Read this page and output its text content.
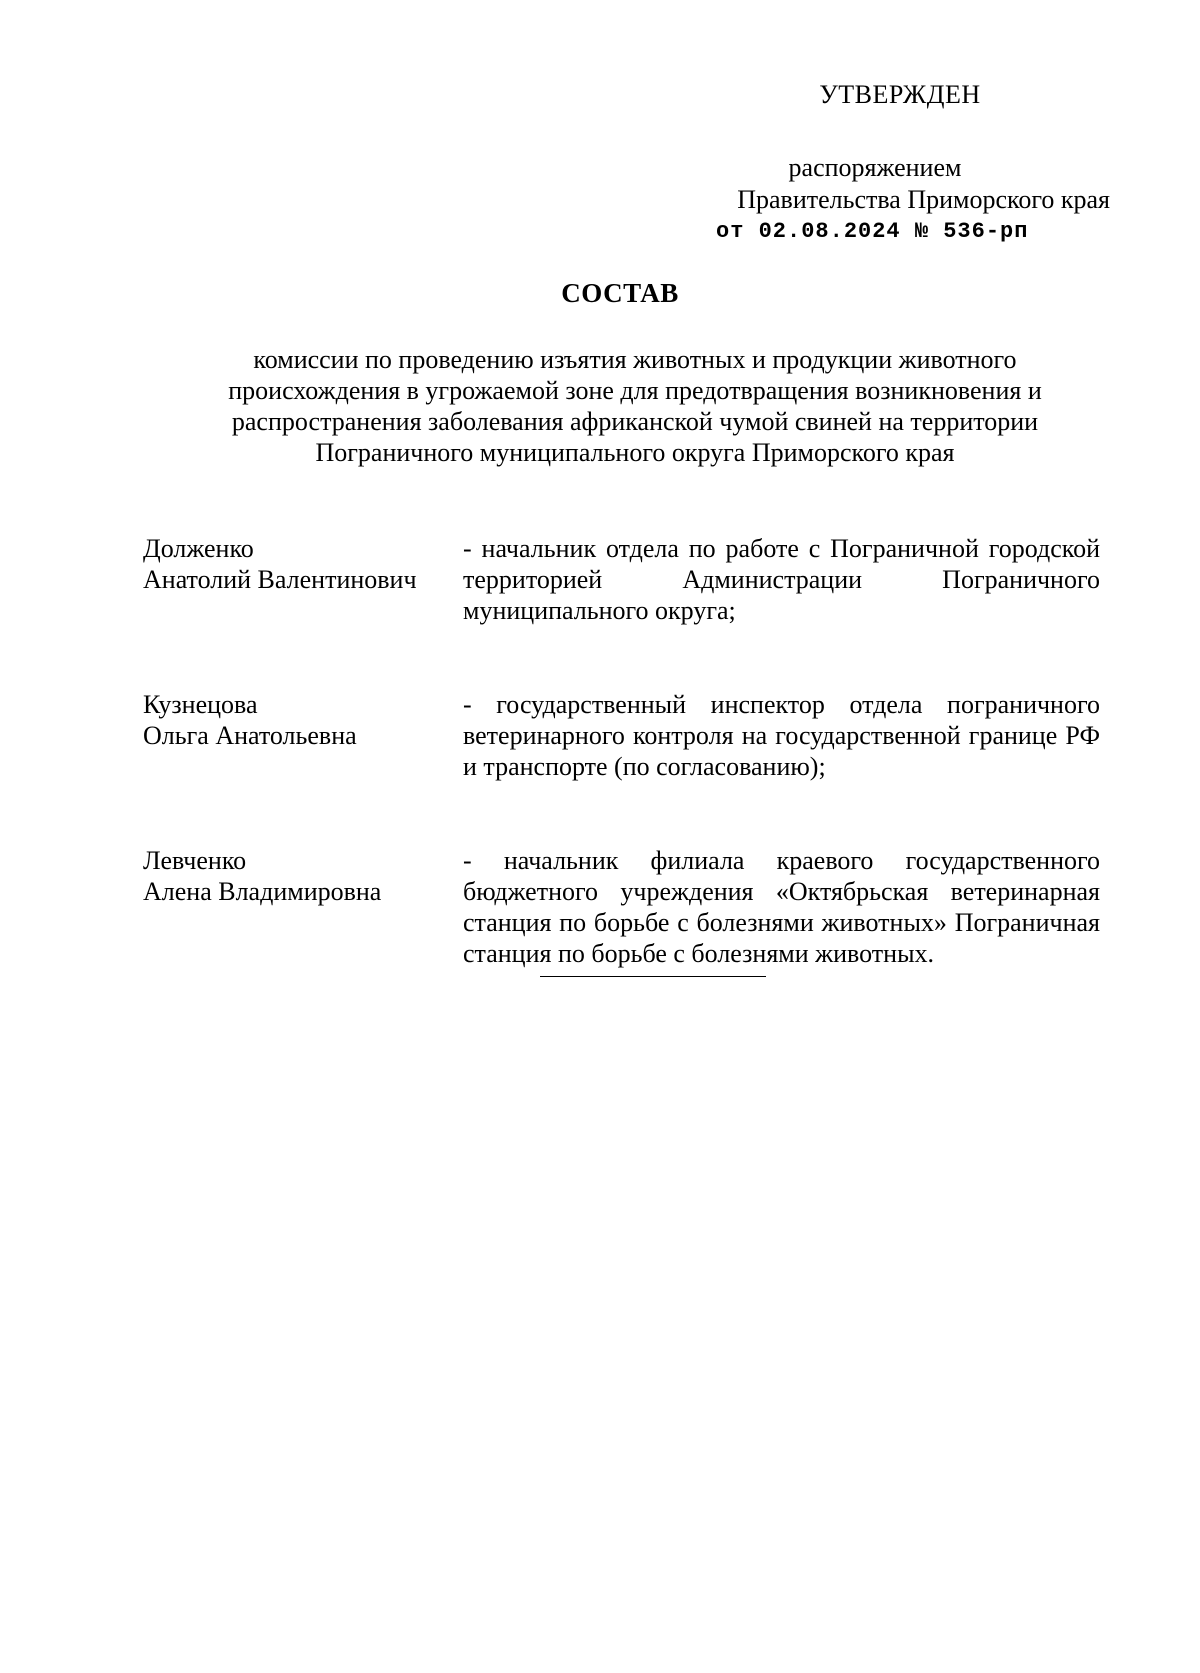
УТВЕРЖДЕН
распоряжением
Правительства Приморского края
от 02.08.2024 № 536-рп
СОСТАВ
комиссии по проведению изъятия животных и продукции животного
происхождения в угрожаемой зоне для предотвращения возникновения и
распространения заболевания африканской чумой свиней на территории
Пограничного муниципального округа Приморского края
Долженко
Анатолий Валентинович
- начальник отдела по работе с Пограничной городской территорией Администрации Пограничного муниципального округа;
Кузнецова
Ольга Анатольевна
- государственный инспектор отдела пограничного ветеринарного контроля на государственной границе РФ и транспорте (по согласованию);
Левченко
Алена Владимировна
- начальник филиала краевого государственного бюджетного учреждения «Октябрьская ветеринарная станция по борьбе с болезнями животных» Пограничная станция по борьбе с болезнями животных.
